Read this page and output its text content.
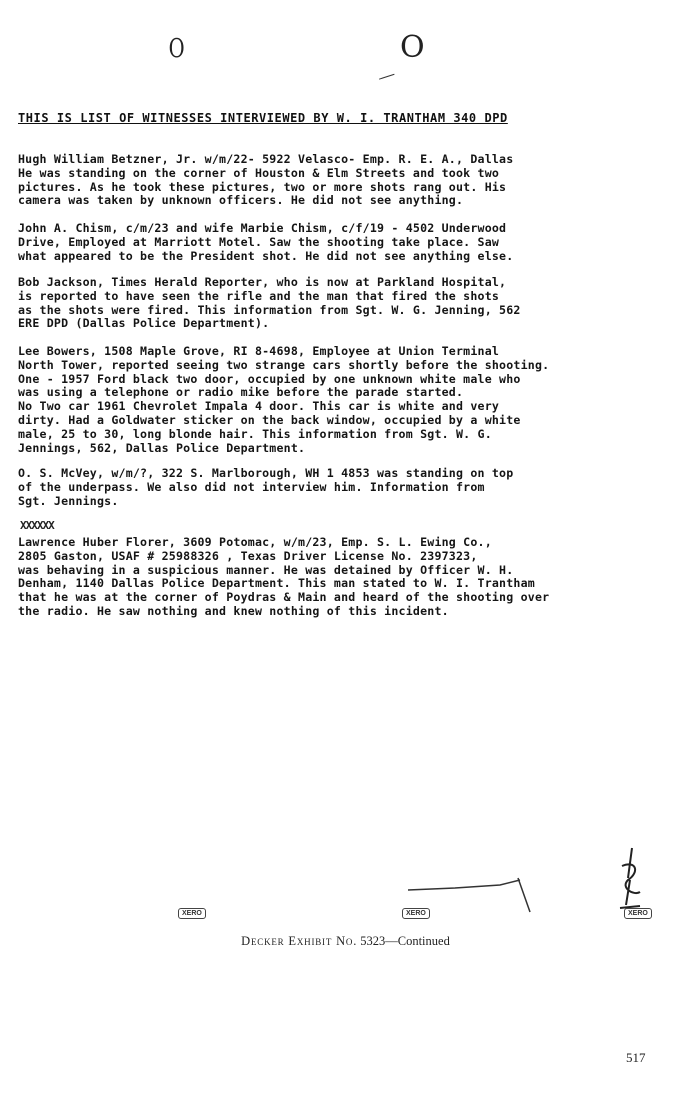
O	O
THIS IS LIST OF WITNESSES INTERVIEWED BY W. I. TRANTHAM 340 DPD
Hugh William Betzner, Jr. w/m/22- 5922 Velasco- Emp. R. E. A., Dallas
He was standing on the corner of Houston & Elm Streets and took two
pictures. As he took these pictures, two or more shots rang out. His
camera was taken by unknown officers. He did not see anything.
John A. Chism, c/m/23 and wife Marbie Chism, c/f/19 - 4502 Underwood
Drive, Employed at Marriott Motel. Saw the shooting take place. Saw
what appeared to be the President shot. He did not see anything else.
Bob Jackson, Times Herald Reporter, who is now at Parkland Hospital,
is reported to have seen the rifle and the man that fired the shots
as the shots were fired. This information from Sgt. W. G. Jenning, 562
ERE DPD (Dallas Police Department).
Lee Bowers, 1508 Maple Grove, RI 8-4698, Employee at Union Terminal
North Tower, reported seeing two strange cars shortly before the shooting.
One - 1957 Ford black two door, occupied by one unknown white male who
was using a telephone or radio mike before the parade started.
No Two car 1961 Chevrolet Impala 4 door. This car is white and very
dirty. Had a Goldwater sticker on the back window, occupied by a white
male, 25 to 30, long blonde hair. This information from Sgt. W. G.
Jennings, 562, Dallas Police Department.
O. S. McVey, w/m/?, 322 S. Marlborough, WH 1 4853 was standing on top
of the underpass. We also did not interview him. Information from
Sgt. Jennings.
XXXXXX
Lawrence Huber Florer, 3609 Potomac, w/m/23, Emp. S. L. Ewing Co.,
2805 Gaston, USAF # 25988326 , Texas Driver License No. 2397323,
was behaving in a suspicious manner. He was detained by Officer W. H.
Denham, 1140 Dallas Police Department. This man stated to W. I. Trantham
that he was at the corner of Poydras & Main and heard of the shooting over
the radio. He saw nothing and knew nothing of this incident.
XERO	XERO	XERO
Decker Exhibit No. 5323—Continued
517
